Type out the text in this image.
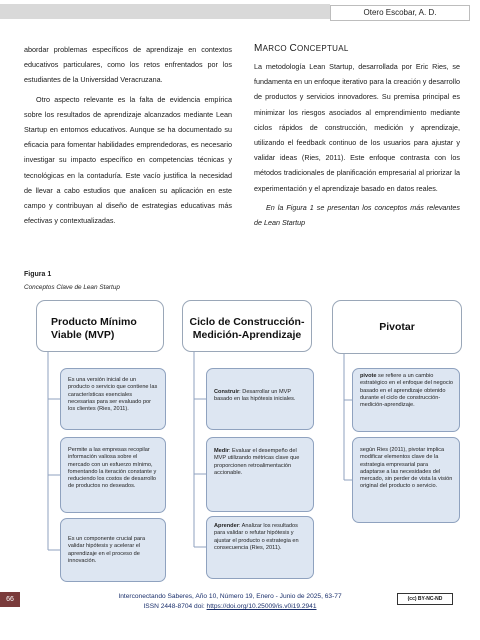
Otero Escobar, A. D.

abordar problemas específicos de aprendizaje en contextos educativos particulares, como los retos enfrentados por los estudiantes de la Universidad Veracruzana.

Otro aspecto relevante es la falta de evidencia empírica sobre los resultados de aprendizaje alcanzados mediante Lean Startup en entornos educativos. Aunque se ha documentado su eficacia para fomentar habilidades emprendedoras, es necesario investigar su impacto específico en competencias técnicas y tecnológicas en la contaduría. Este vacío justifica la necesidad de llevar a cabo estudios que analicen su aplicación en este campo y contribuyan al diseño de estrategias educativas más efectivas y contextualizadas.

MARCO CONCEPTUAL

La metodología Lean Startup, desarrollada por Eric Ries, se fundamenta en un enfoque iterativo para la creación y desarrollo de productos y servicios innovadores. Su premisa principal es minimizar los riesgos asociados al emprendimiento mediante ciclos rápidos de construcción, medición y aprendizaje, utilizando el feedback continuo de los usuarios para ajustar y validar ideas (Ries, 2011). Este enfoque contrasta con los métodos tradicionales de planificación empresarial al priorizar la experimentación y el aprendizaje basado en datos reales.

En la Figura 1 se presentan los conceptos más relevantes de Lean Startup

Figura 1
Conceptos Clave de Lean Startup
Producto Mínimo
Viable (MVP)
Ciclo de Construcción-
Medición-Aprendizaje
Pivotar
Es una versión inicial de un producto o servicio que contiene las características esenciales necesarias para ser evaluado por los clientes (Ries, 2011).
Permite a las empresas recopilar información valiosa sobre el mercado con un esfuerzo mínimo, fomentando la iteración constante y reduciendo los costos de desarrollo de productos no deseados.
Es un componente crucial para validar hipótesis y acelerar el aprendizaje en el proceso de innovación.
Construir: Desarrollar un MVP basado en las hipótesis iniciales.
Medir: Evaluar el desempeño del MVP utilizando métricas clave que proporcionen retroalimentación accionable.
Aprender: Analizar los resultados para validar o refutar hipótesis y ajustar el producto o estrategia en consecuencia (Ries, 2011).
pivote se refiere a un cambio estratégico en el enfoque del negocio basado en el aprendizaje obtenido durante el ciclo de construcción-medición-aprendizaje.
según Ries (2011), pivotar implica modificar elementos clave de la estrategia empresarial para adaptarse a las necesidades del mercado, sin perder de vista la visión original del producto o servicio.
66	Interconectando Saberes, Año 10, Número 19, Enero - Junio de 2025, 63-77
ISSN 2448-8704 doi: https://doi.org/10.25009/is.v0i19.2941
(cc) BY-NC-ND
